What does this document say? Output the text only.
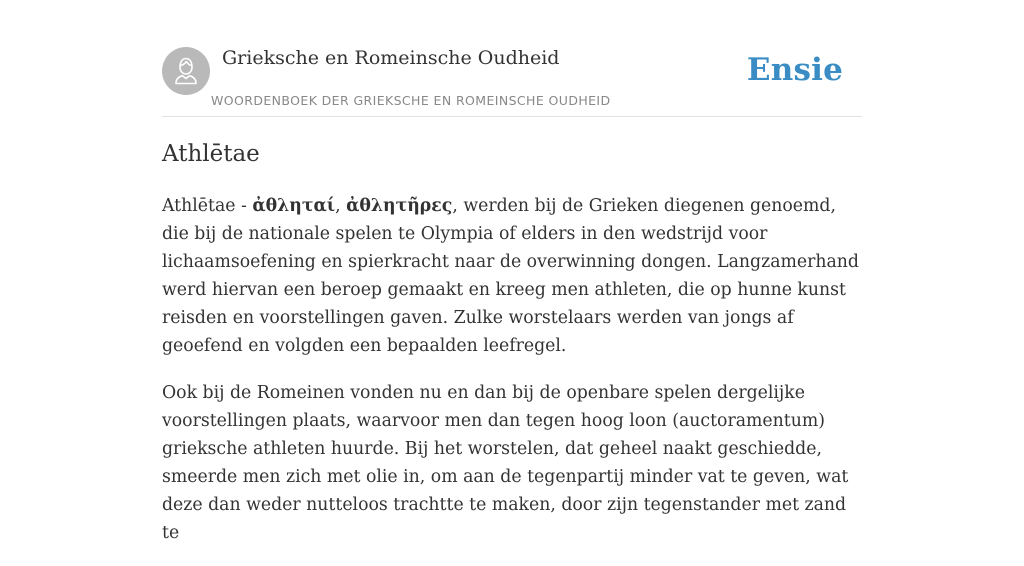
Grieksche en Romeinsche Oudheid
WOORDENBOEK DER GRIEKSCHE EN ROMEINSCHE OUDHEID
Ensie
Athlētae

Athlētae - ἀθληταί, ἀθλητῆρες, werden bij de Grieken diegenen genoemd, die bij de nationale spelen te Olympia of elders in den wedstrijd voor lichaamsoefening en spierkracht naar de overwinning dongen. Langzamerhand werd hiervan een beroep gemaakt en kreeg men athleten, die op hunne kunst reisden en voorstellingen gaven. Zulke worstelaars werden van jongs af geoefend en volgden een bepaalden leefregel.

Ook bij de Romeinen vonden nu en dan bij de openbare spelen dergelijke voorstellingen plaats, waarvoor men dan tegen hoog loon (auctoramentum) grieksche athleten huurde. Bij het worstelen, dat geheel naakt geschiedde, smeerde men zich met olie in, om aan de tegenpartij minder vat te geven, wat deze dan weder nutteloos trachtte te maken, door zijn tegenstander met zand te
